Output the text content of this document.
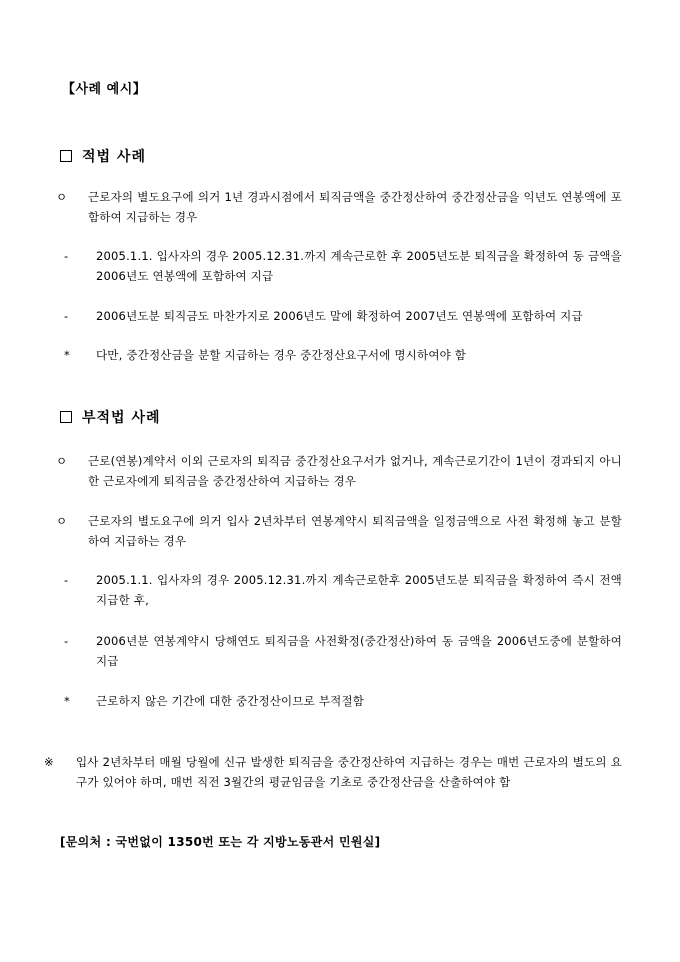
【사례 예시】
적법 사례
ㅇ 근로자의 별도요구에 의거 1년 경과시점에서 퇴직금액을 중간정산하여 중간정산금을 익년도 연봉액에 포함하여 지급하는 경우
- 2005.1.1. 입사자의 경우 2005.12.31.까지 계속근로한 후 2005년도분 퇴직금을 확정하여 동 금액을 2006년도 연봉액에 포함하여 지급
- 2006년도분 퇴직금도 마찬가지로 2006년도 말에 확정하여 2007년도 연봉액에 포함하여 지급
* 다만, 중간정산금을 분할 지급하는 경우 중간정산요구서에 명시하여야 함
부적법 사례
ㅇ 근로(연봉)계약서 이외 근로자의 퇴직금 중간정산요구서가 없거나, 계속근로기간이 1년이 경과되지 아니한 근로자에게 퇴직금을 중간정산하여 지급하는 경우
ㅇ 근로자의 별도요구에 의거 입사 2년차부터 연봉계약시 퇴직금액을 일정금액으로 사전 확정해 놓고 분할하여 지급하는 경우
- 2005.1.1. 입사자의 경우 2005.12.31.까지 계속근로한후 2005년도분 퇴직금을 확정하여 즉시 전액 지급한 후,
- 2006년분 연봉계약시 당해연도 퇴직금을 사전확정(중간정산)하여 동 금액을 2006년도중에 분할하여 지급
* 근로하지 않은 기간에 대한 중간정산이므로 부적절함
※ 입사 2년차부터 매월 당월에 신규 발생한 퇴직금을 중간정산하여 지급하는 경우는 매번 근로자의 별도의 요구가 있어야 하며, 매번 직전 3월간의 평균임금을 기초로 중간정산금을 산출하여야 함
[문의처 : 국번없이 1350번 또는 각 지방노동관서 민원실]
